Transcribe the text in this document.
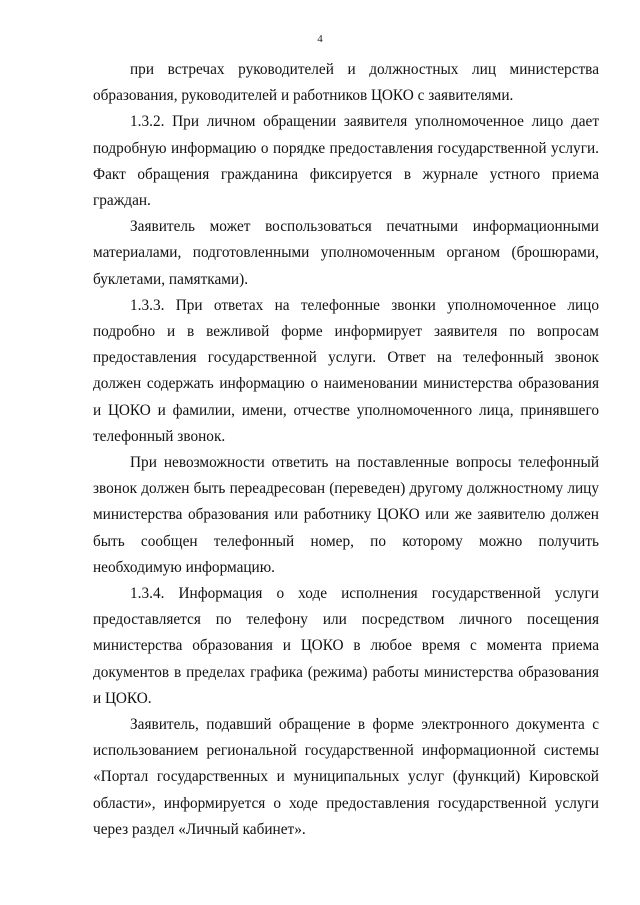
4

при встречах руководителей и должностных лиц министерства образования, руководителей и работников ЦОКО с заявителями.

1.3.2. При личном обращении заявителя уполномоченное лицо дает подробную информацию о порядке предоставления государственной услуги. Факт обращения гражданина фиксируется в журнале устного приема граждан.

Заявитель может воспользоваться печатными информационными материалами, подготовленными уполномоченным органом (брошюрами, буклетами, памятками).

1.3.3. При ответах на телефонные звонки уполномоченное лицо подробно и в вежливой форме информирует заявителя по вопросам предоставления государственной услуги. Ответ на телефонный звонок должен содержать информацию о наименовании министерства образования и ЦОКО и фамилии, имени, отчестве уполномоченного лица, принявшего телефонный звонок.

При невозможности ответить на поставленные вопросы телефонный звонок должен быть переадресован (переведен) другому должностному лицу министерства образования или работнику ЦОКО или же заявителю должен быть сообщен телефонный номер, по которому можно получить необходимую информацию.

1.3.4. Информация о ходе исполнения государственной услуги предоставляется по телефону или посредством личного посещения министерства образования и ЦОКО в любое время с момента приема документов в пределах графика (режима) работы министерства образования и ЦОКО.

Заявитель, подавший обращение в форме электронного документа с использованием региональной государственной информационной системы «Портал государственных и муниципальных услуг (функций) Кировской области», информируется о ходе предоставления государственной услуги через раздел «Личный кабинет».
